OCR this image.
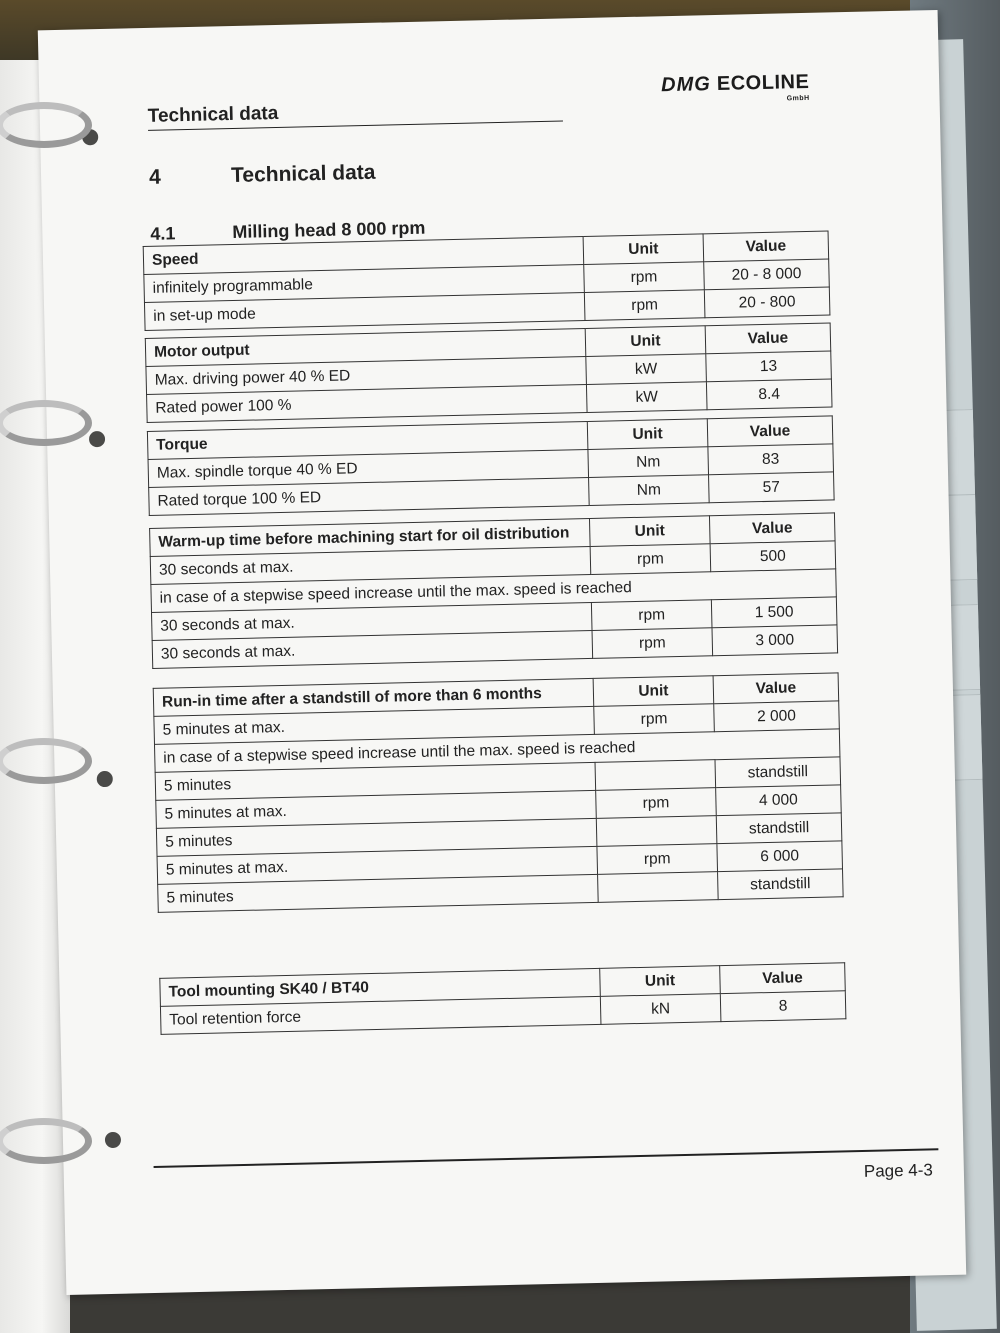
Technical data
DMG ECOLINE
GmbH
4	Technical data
4.1	Milling head 8 000 rpm
Speed	Unit	Value
infinitely programmable	rpm	20 - 8 000
in set-up mode	rpm	20 - 800
Motor output	Unit	Value
Max. driving power 40 % ED	kW	13
Rated power 100 %	kW	8.4
Torque	Unit	Value
Max. spindle torque 40 % ED	Nm	83
Rated torque 100 % ED	Nm	57
Warm-up time before machining start for oil distribution	Unit	Value
30 seconds at max.	rpm	500
in case of a stepwise speed increase until the max. speed is reached		
30 seconds at max.	rpm	1 500
30 seconds at max.	rpm	3 000
Run-in time after a standstill of more than 6 months	Unit	Value
5 minutes at max.	rpm	2 000
in case of a stepwise speed increase until the max. speed is reached		
5 minutes		standstill
5 minutes at max.	rpm	4 000
5 minutes		standstill
5 minutes at max.	rpm	6 000
5 minutes		standstill
Tool mounting SK40 / BT40	Unit	Value
Tool retention force	kN	8
Page 4-3
